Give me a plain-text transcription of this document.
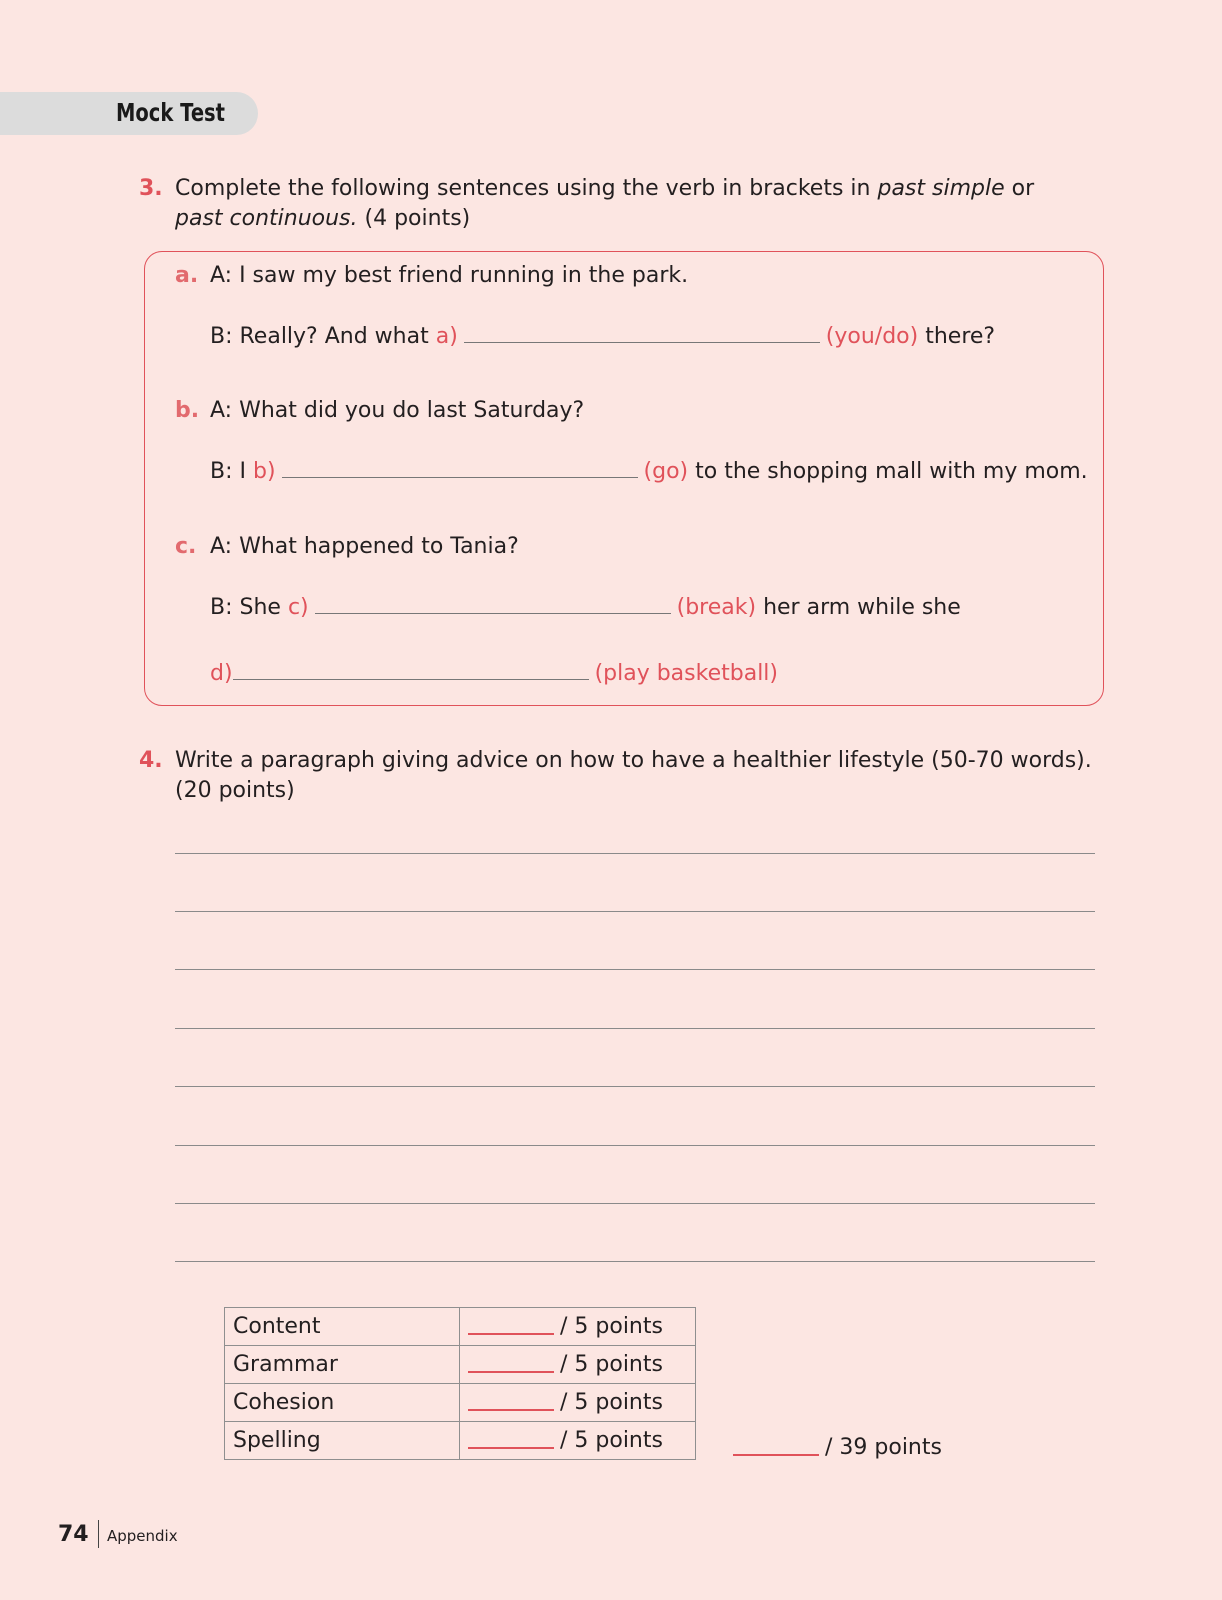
Mock Test
3. Complete the following sentences using the verb in brackets in past simple or
past continuous. (4 points)
a. A: I saw my best friend running in the park.
B: Really? And what a)	(you/do) there?
b. A: What did you do last Saturday?
B: I b)	(go) to the shopping mall with my mom.
c. A: What happened to Tania?
B: She c)	(break) her arm while she
d)	(play basketball)
4. Write a paragraph giving advice on how to have a healthier lifestyle (50-70 words).
(20 points)
Content	/ 5 points
Grammar	/ 5 points
Cohesion	/ 5 points
Spelling	/ 5 points	/ 39 points
74 Appendix
